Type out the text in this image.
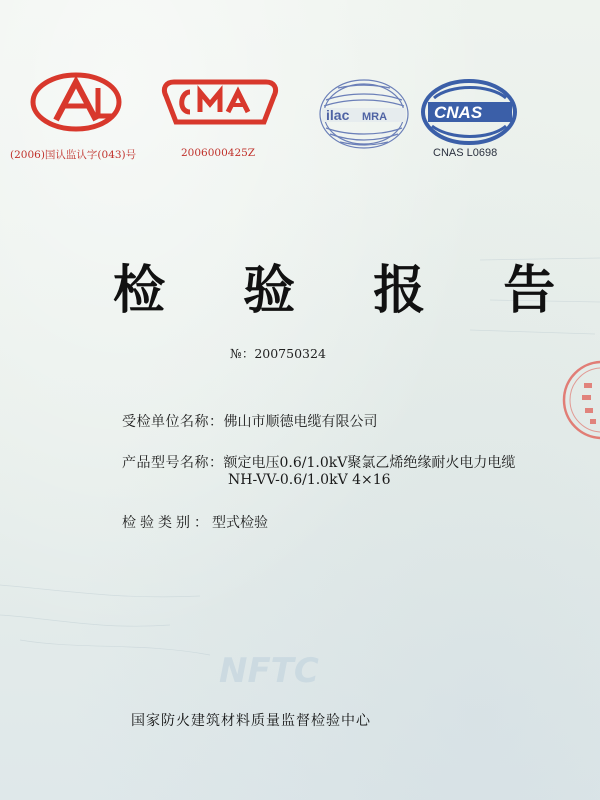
(2006)国认监认字(043)号	2006000425Z
ilac MRA	CNAS
CNAS L0698
检 验 报 告
№：200750324
受检单位名称：佛山市顺德电缆有限公司
产品型号名称：额定电压0.6/1.0kV聚氯乙烯绝缘耐火电力电缆
NH-VV-0.6/1.0kV 4×16
检验类别：型式检验
NFTC
国家防火建筑材料质量监督检验中心
